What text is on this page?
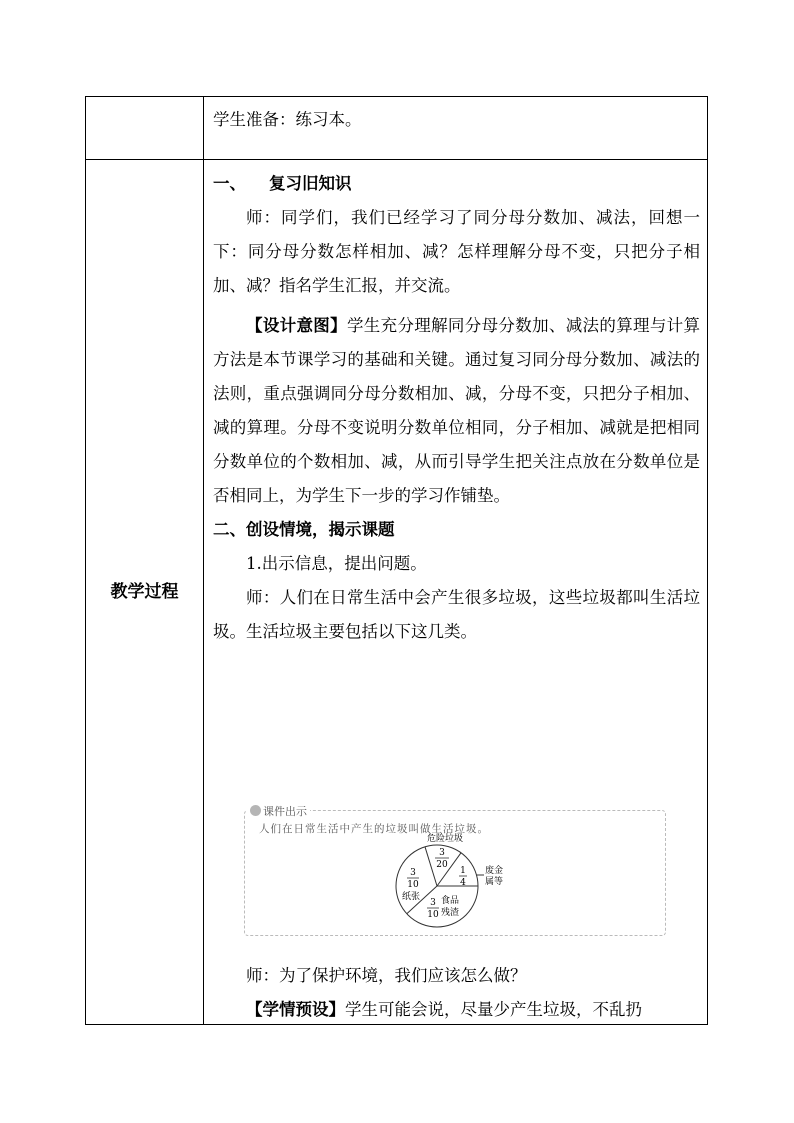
学生准备：练习本。
教学过程

一、    复习旧知识

师：同学们，我们已经学习了同分母分数加、减法，回想一下：同分母分数怎样相加、减？怎样理解分母不变，只把分子相加、减？指名学生汇报，并交流。

【设计意图】学生充分理解同分母分数加、减法的算理与计算方法是本节课学习的基础和关键。通过复习同分母分数加、减法的法则，重点强调同分母分数相加、减，分母不变，只把分子相加、减的算理。分母不变说明分数单位相同，分子相加、减就是把相同分数单位的个数相加、减，从而引导学生把关注点放在分数单位是否相同上，为学生下一步的学习作铺垫。

二、创设情境，揭示课题

1.出示信息，提出问题。

师：人们在日常生活中会产生很多垃圾，这些垃圾都叫生活垃圾。生活垃圾主要包括以下这几类。

课件出示
人们在日常生活中产生的垃圾叫做生活垃圾。
危险垃圾
废金
属等
3
20
1
4
3
10
纸张
3
10
食品
残渣

师：为了保护环境，我们应该怎么做？

【学情预设】学生可能会说，尽量少产生垃圾，不乱扔
